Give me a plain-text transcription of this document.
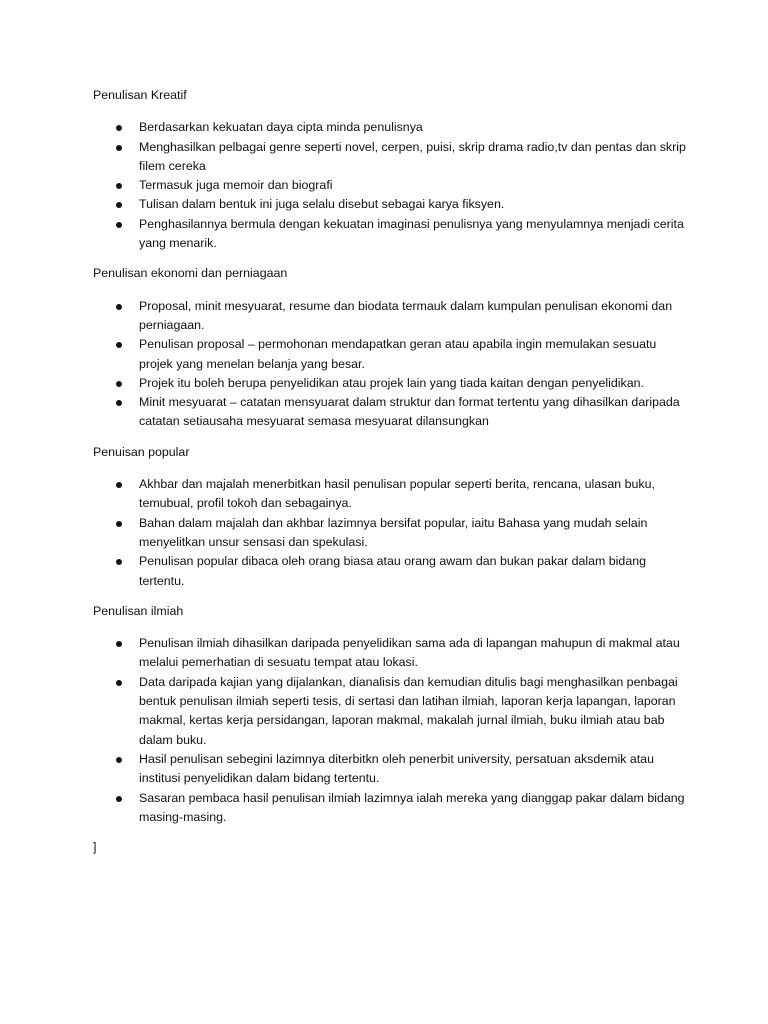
Penulisan Kreatif

Berdasarkan kekuatan daya cipta minda penulisnya
Menghasilkan pelbagai genre seperti novel, cerpen, puisi, skrip drama radio,tv dan pentas dan skrip filem cereka
Termasuk juga memoir dan biografi
Tulisan dalam bentuk ini juga selalu disebut sebagai karya fiksyen.
Penghasilannya bermula dengan kekuatan imaginasi penulisnya yang menyulamnya menjadi cerita yang menarik.

Penulisan ekonomi dan perniagaan

Proposal, minit mesyuarat, resume dan biodata termauk dalam kumpulan penulisan ekonomi dan perniagaan.
Penulisan proposal – permohonan mendapatkan geran atau apabila ingin memulakan sesuatu projek yang menelan belanja yang besar.
Projek itu boleh berupa penyelidikan atau projek lain yang tiada kaitan dengan penyelidikan.
Minit mesyuarat – catatan mensyuarat dalam struktur dan format tertentu yang dihasilkan daripada catatan setiausaha mesyuarat semasa mesyuarat dilansungkan

Penuisan popular

Akhbar dan majalah menerbitkan hasil penulisan popular seperti berita, rencana, ulasan buku, temubual, profil tokoh dan sebagainya.
Bahan dalam majalah dan akhbar lazimnya bersifat popular, iaitu Bahasa yang mudah selain menyelitkan unsur sensasi dan spekulasi.
Penulisan popular dibaca oleh orang biasa atau orang awam dan bukan pakar dalam bidang tertentu.

Penulisan ilmiah

Penulisan ilmiah dihasilkan daripada penyelidikan sama ada di lapangan mahupun di makmal atau melalui pemerhatian di sesuatu tempat atau lokasi.
Data daripada kajian yang dijalankan, dianalisis dan kemudian ditulis bagi menghasilkan penbagai bentuk penulisan ilmiah seperti tesis, di sertasi dan latihan ilmiah, laporan kerja lapangan, laporan makmal, kertas kerja persidangan, laporan makmal, makalah jurnal ilmiah, buku ilmiah atau bab dalam buku.
Hasil penulisan sebegini lazimnya diterbitkn oleh penerbit university, persatuan aksdemik atau institusi penyelidikan dalam bidang tertentu.
Sasaran pembaca hasil penulisan ilmiah lazimnya ialah mereka yang dianggap pakar dalam bidang masing-masing.

]
